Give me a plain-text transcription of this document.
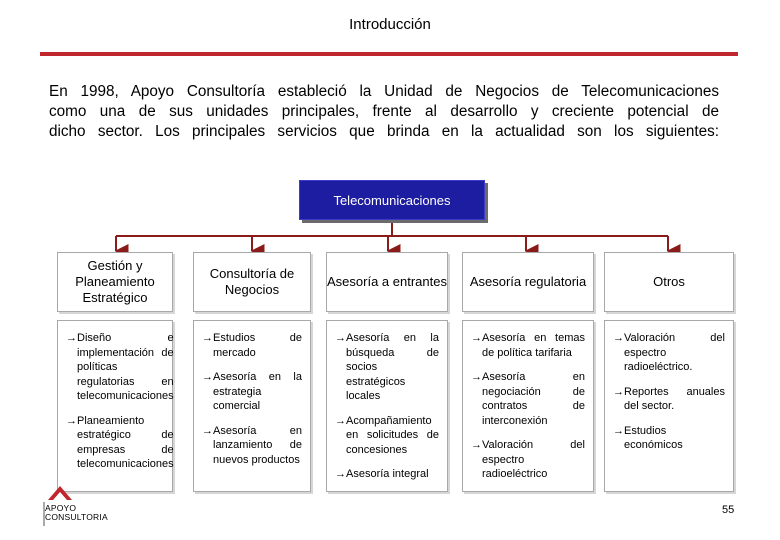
Introducción
En 1998, Apoyo Consultoría estableció la Unidad de Negocios de Telecomunicaciones
como una de sus unidades principales, frente al desarrollo y creciente potencial de
dicho sector. Los principales servicios que brinda en la actualidad son los siguientes:
Telecomunicaciones
Gestión y Planeamiento Estratégico
Consultoría de Negocios
Asesoría a entrantes	Asesoría regulatoria	Otros
→ Diseño e implementación de políticas regulatorias en telecomunicaciones
→ Planeamiento estratégico de empresas de telecomunicaciones
→ Estudios de mercado
→ Asesoría en la estrategia comercial
→ Asesoría en lanzamiento de nuevos productos
→ Asesoría en la búsqueda de socios estratégicos locales
→ Acompañamiento en solicitudes de concesiones
→ Asesoría integral
→ Asesoría en temas de política tarifaria
→ Asesoría en negociación de contratos de interconexión
→ Valoración del espectro radioeléctrico
→ Valoración del espectro radioeléctrico.
→ Reportes anuales del sector.
→ Estudios económicos
APOYO
CONSULTORIA
55
